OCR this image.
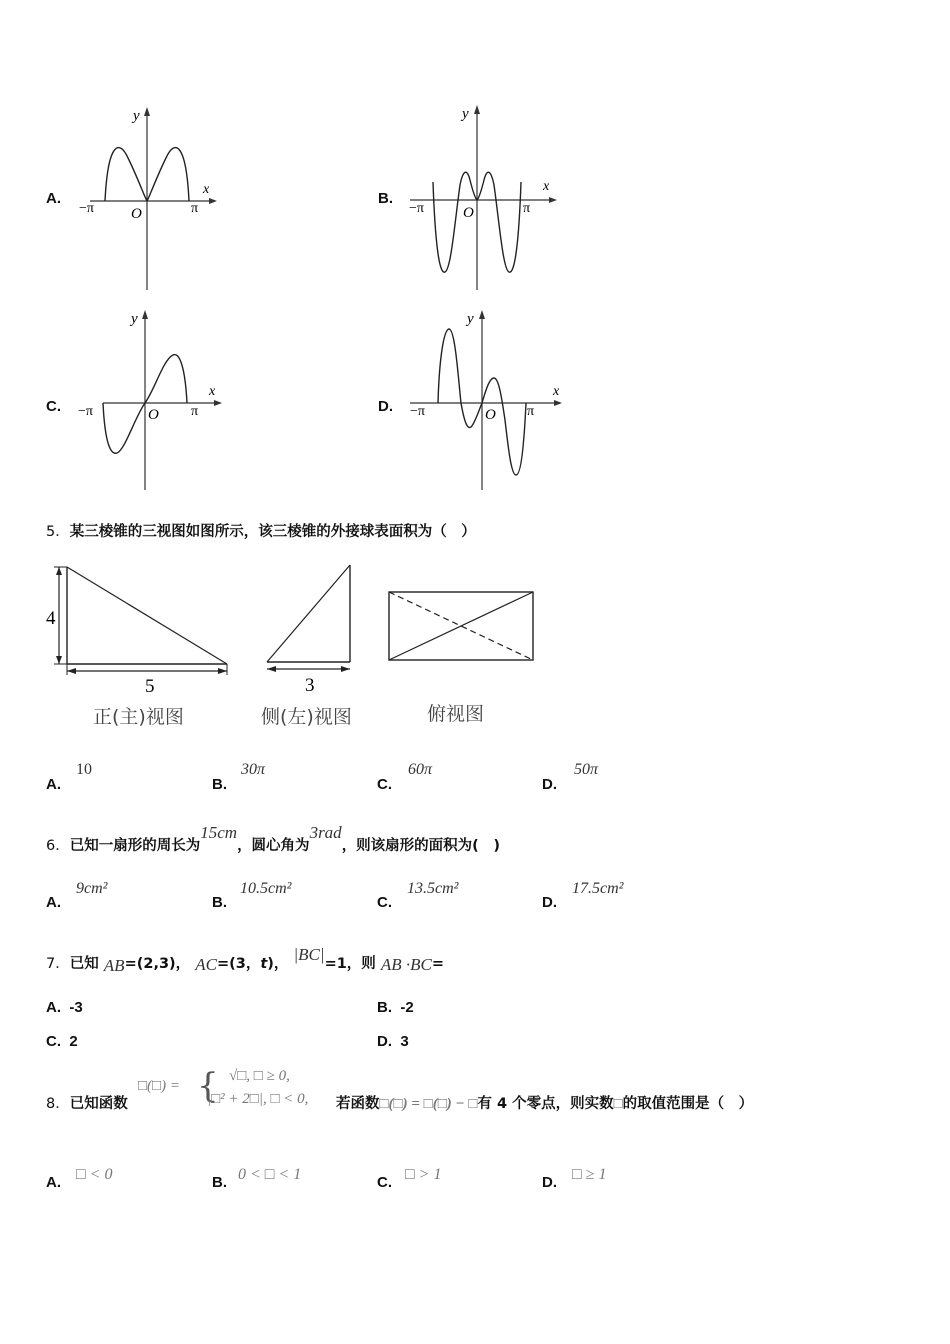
A.
y
x
−π	π
O
B.
y
x
−π	π
O
C.
y
x
−π	π
O	D.
y
x
−π	π
O
5．某三棱锥的三视图如图所示，该三棱锥的外接球表面积为（　）
4
5	3
正(主)视图	侧(左)视图	俯视图
A.
10
B.
30π
C.
60π
D.
50π
6．已知一扇形的周长为15cm，圆心角为3rad，则该扇形的面积为(　)
A.
9cm²
B.
10.5cm²
C.
13.5cm²
D.
17.5cm²
7．已知 AB=(2,3)， AC=(3，t)， |BC|=1，则 AB ·BC=
A. -3	B. -2
C. 2	D. 3
8．已知函数
□(□) = { √□, □ ≥ 0,
|□² + 2□|, □ < 0, 若函数□(□) = □(□) − □有 4 个零点，则实数□的取值范围是（　）
A. □ < 0	B. 0 < □ < 1	C. □ > 1	D. □ ≥ 1
